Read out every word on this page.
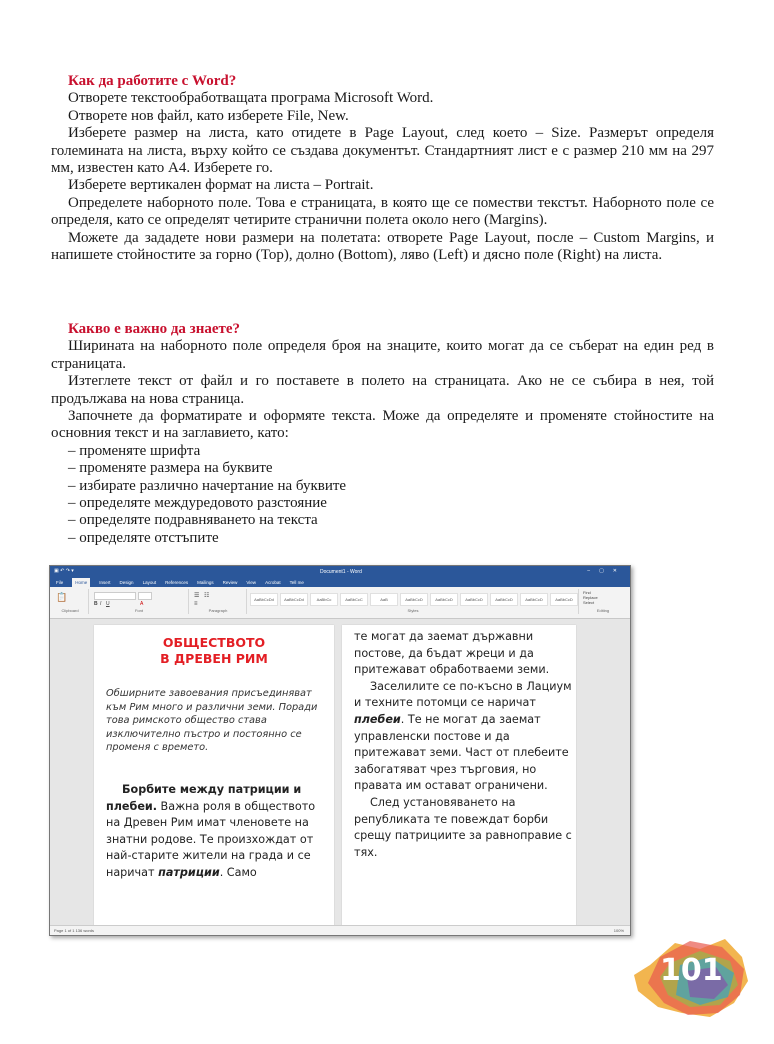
Как да работите с Word?

Отворете текстообработващата програма Microsoft Word.

Отворете нов файл, като изберете File, New.

Изберете размер на листа, като отидете в Page Layout, след което – Size. Размерът определя големината на листа, върху който се създава документът. Стандартният лист е с размер 210 мм на 297 мм, известен като А4. Изберете го.

Изберете вертикален формат на листа – Portrait.

Определете наборното поле. Това е страницата, в която ще се поместви текстът. Наборното поле се определя, като се определят четирите странични полета около него (Margins).

Можете да зададете нови размери на полетата: отворете Page Layout, после – Custom Margins, и напишете стойностите за горно (Top), долно (Bottom), ляво (Left) и дясно поле (Right) на листа.

Какво е важно да знаете?

Ширината на наборното поле определя броя на знаците, които могат да се съберат на един ред в страницата.

Изтеглете текст от файл и го поставете в полето на страницата. Ако не се събира в нея, той продължава на нова страница.

Започнете да форматирате и оформяте текста. Може да определяте и променяте стойностите на основния текст и на заглавието, като:

– променяте шрифта
– променяте размера на буквите
– избирате различно начертание на буквите
– определяте междуредовото разстояние
– определяте подравняването на текста
– определяте отстъпите
▣ ↶ ↷ ▾	Document1 - Word	–▢✕
File	Home	Insert Design Layout References Mailings Review View Acrobat Tell me
📋
Clipboard
B I U	A
Font
☰ ☷
≡
Paragraph
AaBbCcDd	AaBbCcDd	AaBbCc	AaBbCcC	AaB	AaBbCcD	AaBbCcD	AaBbCcD	AaBbCcD	AaBbCcD	AaBbCcD
Styles
Find
Replace
Select
Editing
ОБЩЕСТВОТО
В ДРЕВЕН РИМ
Обширните завоевания присъединяват към Рим много и различни земи. Поради това римското общество става изключително пъстро и постоянно се променя с времето.

Борбите между патриции и плебеи. Важна роля в обществото на Древен Рим имат членовете на знатни родове. Те произхождат от най-старите жители на града и се наричат патриции. Само

те могат да заемат държавни постове, да бъдат жреци и да притежават обработваеми земи.

Заселилите се по-късно в Лациум и техните потомци се наричат плебеи. Те не могат да заемат управленски постове и да притежават земи. Част от плебеите забогатяват чрез търговия, но правата им остават ограничени.

След установяването на републиката те повеждат борби срещу патрициите за равноправие с тях.

Page 1 of 1 136 words	100%
101
